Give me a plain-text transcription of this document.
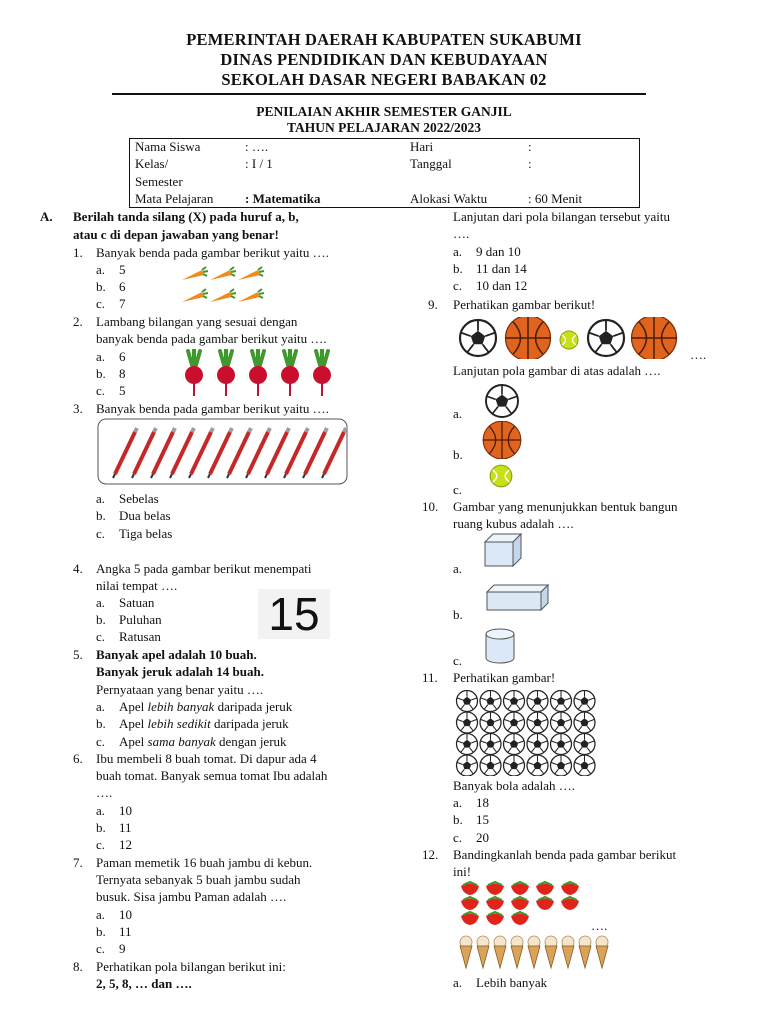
PEMERINTAH DAERAH KABUPATEN SUKABUMI
DINAS PENDIDIKAN DAN KEBUDAYAAN
SEKOLAH DASAR NEGERI BABAKAN 02
PENILAIAN AKHIR SEMESTER GANJIL
TAHUN PELAJARAN 2022/2023
Nama Siswa	: ….	Hari	:
Kelas/	: I / 1	Tanggal	:
Semester
Mata Pelajaran : Matematika	Alokasi Waktu	: 60 Menit
A. Berilah tanda silang (X) pada huruf a, b,
atau c di depan jawaban yang benar!
1. Banyak benda pada gambar berikut yaitu ….
a. 5
b. 6
c. 7
2. Lambang bilangan yang sesuai dengan
banyak benda pada gambar berikut yaitu ….
a. 6
b. 8
c. 5
3. Banyak benda pada gambar berikut yaitu ….
a. Sebelas
b. Dua belas
c. Tiga belas
4. Angka 5 pada gambar berikut menempati
nilai tempat ….
a. Satuan
b. Puluhan
c. Ratusan 15
5. Banyak apel adalah 10 buah.
Banyak jeruk adalah 14 buah.
Pernyataan yang benar yaitu ….
a. Apel lebih banyak daripada jeruk
b. Apel lebih sedikit daripada jeruk
c. Apel sama banyak dengan jeruk
6. Ibu membeli 8 buah tomat. Di dapur ada 4
buah tomat. Banyak semua tomat Ibu adalah
….
a. 10
b. 11
c. 12
7. Paman memetik 16 buah jambu di kebun.
Ternyata sebanyak 5 buah jambu sudah
busuk. Sisa jambu Paman adalah ….
a. 10
b. 11
c. 9
8. Perhatikan pola bilangan berikut ini:
2, 5, 8, … dan ….
Lanjutan dari pola bilangan tersebut yaitu
….
a. 9 dan 10
b. 11 dan 14
c. 10 dan 12
9. Perhatikan gambar berikut!
….
Lanjutan pola gambar di atas adalah ….
a.
b.
c.
10. Gambar yang menunjukkan bentuk bangun
ruang kubus adalah ….
a.
b.
c.
11. Perhatikan gambar!
Banyak bola adalah ….
a. 18
b. 15
c. 20
12. Bandingkanlah benda pada gambar berikut
ini!
….
a. Lebih banyak
